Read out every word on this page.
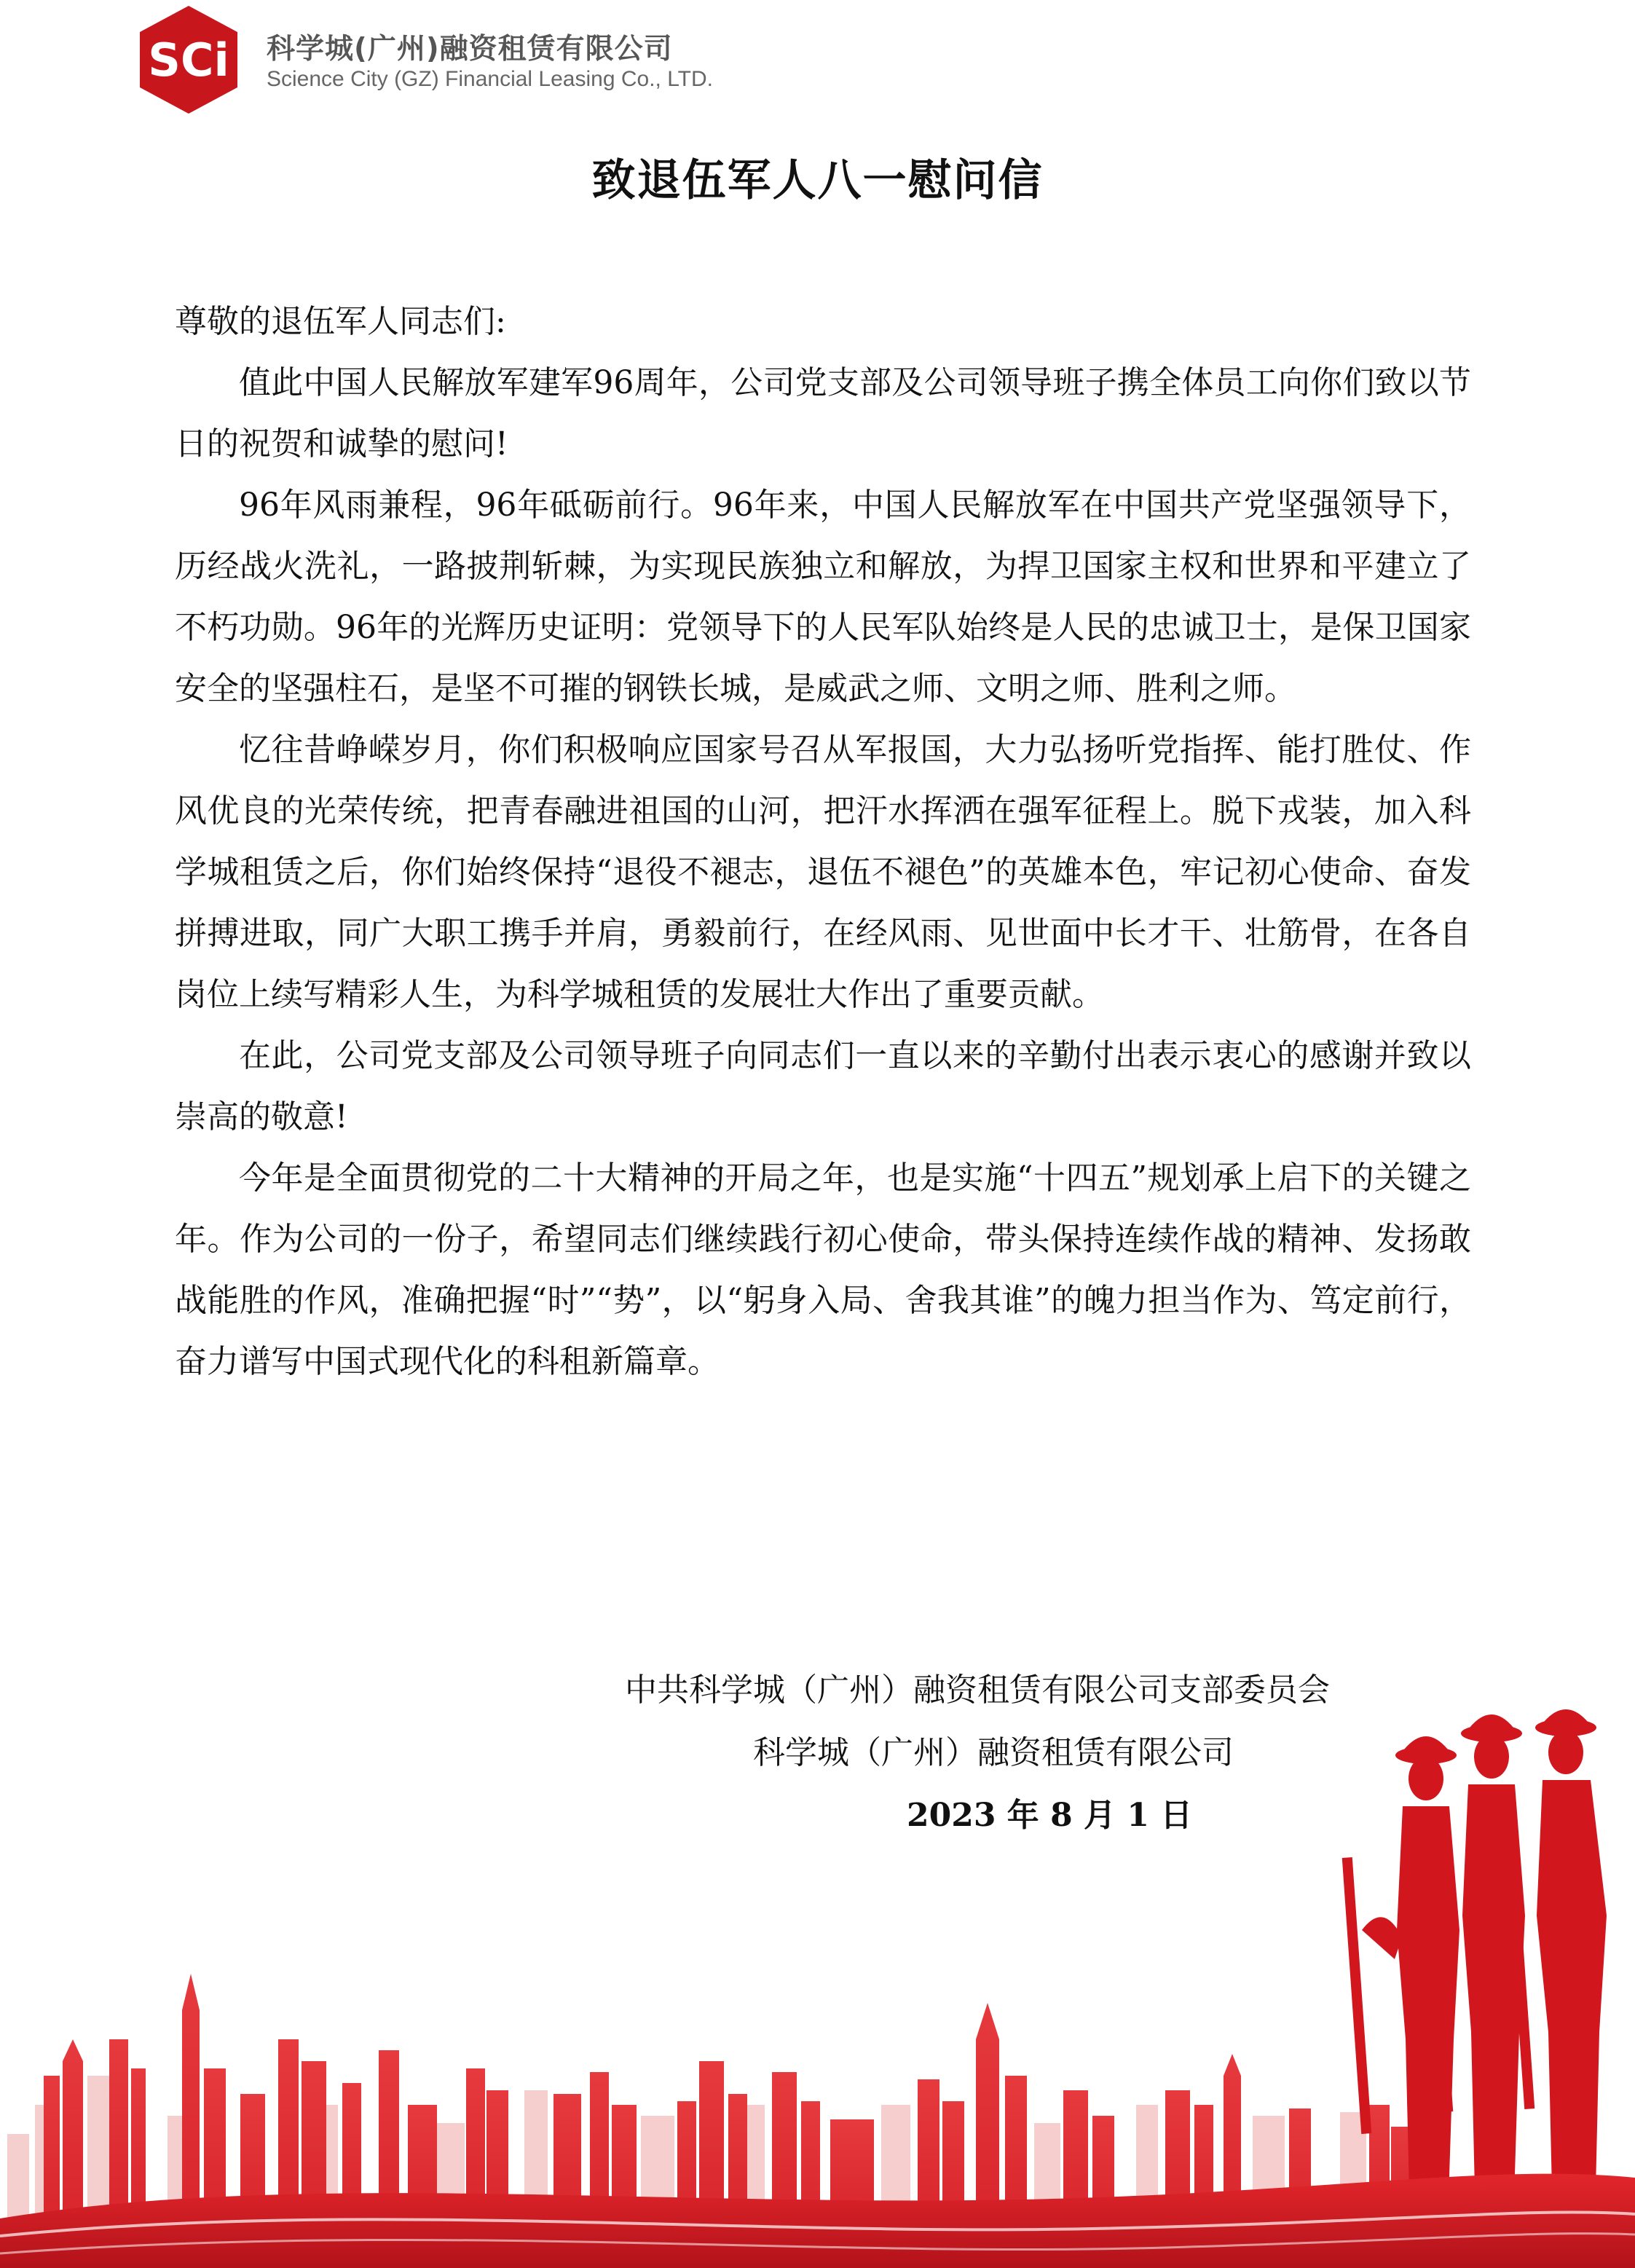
SCi 科学城(广州)融资租赁有限公司
Science City (GZ) Financial Leasing Co., LTD.
致退伍军人八一慰问信

尊敬的退伍军人同志们:

值此中国人民解放军建军96周年，公司党支部及公司领导班子携全体员工向你们致以节日的祝贺和诚挚的慰问!

96年风雨兼程，96年砥砺前行。96年来，中国人民解放军在中国共产党坚强领导下，历经战火洗礼，一路披荆斩棘，为实现民族独立和解放，为捍卫国家主权和世界和平建立了不朽功勋。96年的光辉历史证明：党领导下的人民军队始终是人民的忠诚卫士，是保卫国家安全的坚强柱石，是坚不可摧的钢铁长城，是威武之师、文明之师、胜利之师。

忆往昔峥嵘岁月，你们积极响应国家号召从军报国，大力弘扬听党指挥、能打胜仗、作风优良的光荣传统，把青春融进祖国的山河，把汗水挥洒在强军征程上。脱下戎装，加入科学城租赁之后，你们始终保持“退役不褪志，退伍不褪色”的英雄本色，牢记初心使命、奋发拼搏进取，同广大职工携手并肩，勇毅前行，在经风雨、见世面中长才干、壮筋骨，在各自岗位上续写精彩人生，为科学城租赁的发展壮大作出了重要贡献。

在此，公司党支部及公司领导班子向同志们一直以来的辛勤付出表示衷心的感谢并致以崇高的敬意!

今年是全面贯彻党的二十大精神的开局之年，也是实施“十四五”规划承上启下的关键之年。作为公司的一份子，希望同志们继续践行初心使命，带头保持连续作战的精神、发扬敢战能胜的作风，准确把握“时”“势”，以“躬身入局、舍我其谁”的魄力担当作为、笃定前行，奋力谱写中国式现代化的科租新篇章。

中共科学城（广州）融资租赁有限公司支部委员会
科学城（广州）融资租赁有限公司
2023 年 8 月 1 日
